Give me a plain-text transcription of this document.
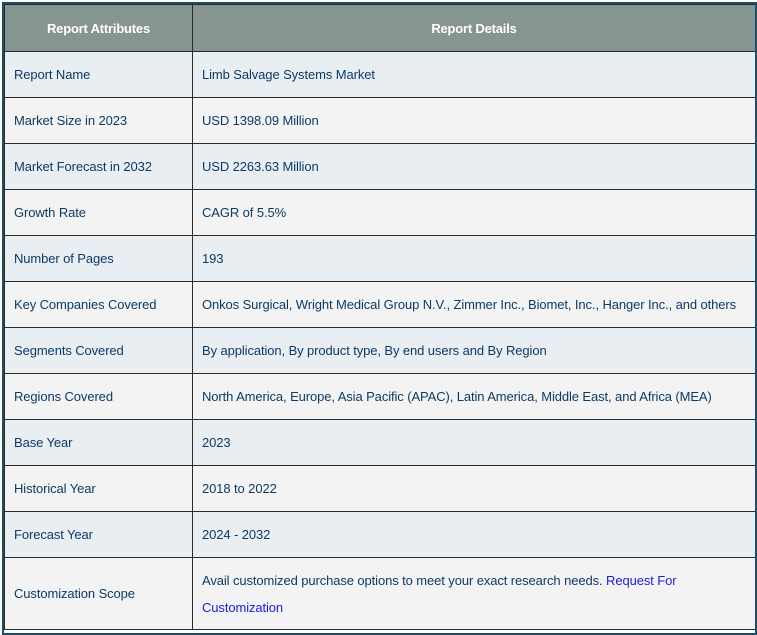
Report Attributes	Report Details
Report Name	Limb Salvage Systems Market
Market Size in 2023	USD 1398.09 Million
Market Forecast in 2032	USD 2263.63 Million
Growth Rate	CAGR of 5.5%
Number of Pages	193
Key Companies Covered	Onkos Surgical, Wright Medical Group N.V., Zimmer Inc., Biomet, Inc., Hanger Inc., and others
Segments Covered	By application, By product type, By end users and By Region
Regions Covered	North America, Europe, Asia Pacific (APAC), Latin America, Middle East, and Africa (MEA)
Base Year	2023
Historical Year	2018 to 2022
Forecast Year	2024 - 2032
Customization Scope	Avail customized purchase options to meet your exact research needs. Request For Customization
